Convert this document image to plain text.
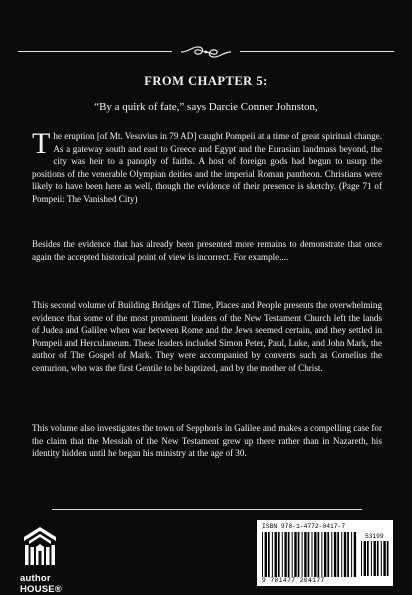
FROM CHAPTER 5:
“By a quirk of fate,” says Darcie Conner Johnston,

The eruption [of Mt. Vesuvius in 79 AD] caught Pompeii at a time of great spiritual change. As a gateway south and east to Greece and Egypt and the Eurasian landmass beyond, the city was heir to a panoply of faiths. A host of foreign gods had begun to usurp the positions of the venerable Olympian deities and the imperial Roman pantheon. Christians were likely to have been here as well, though the evidence of their presence is sketchy. (Page 71 of Pompeii: The Vanished City)

Besides the evidence that has already been presented more remains to demonstrate that once again the accepted historical point of view is incorrect. For example....

This second volume of Building Bridges of Time, Places and People presents the overwhelming evidence that some of the most prominent leaders of the New Testament Church left the lands of Judea and Galilee when war between Rome and the Jews seemed certain, and they settled in Pompeii and Herculaneum. These leaders included Simon Peter, Paul, Luke, and John Mark, the author of The Gospel of Mark. They were accompanied by converts such as Cornelius the centurion, who was the first Gentile to be baptized, and by the mother of Christ.

This volume also investigates the town of Sepphoris in Galilee and makes a compelling case for the claim that the Messiah of the New Testament grew up there rather than in Nazareth, his identity hidden until he began his ministry at the age of 30.

author HOUSE®
ISBN 978-1-4772-0417-7
53199
9 781477 204177
